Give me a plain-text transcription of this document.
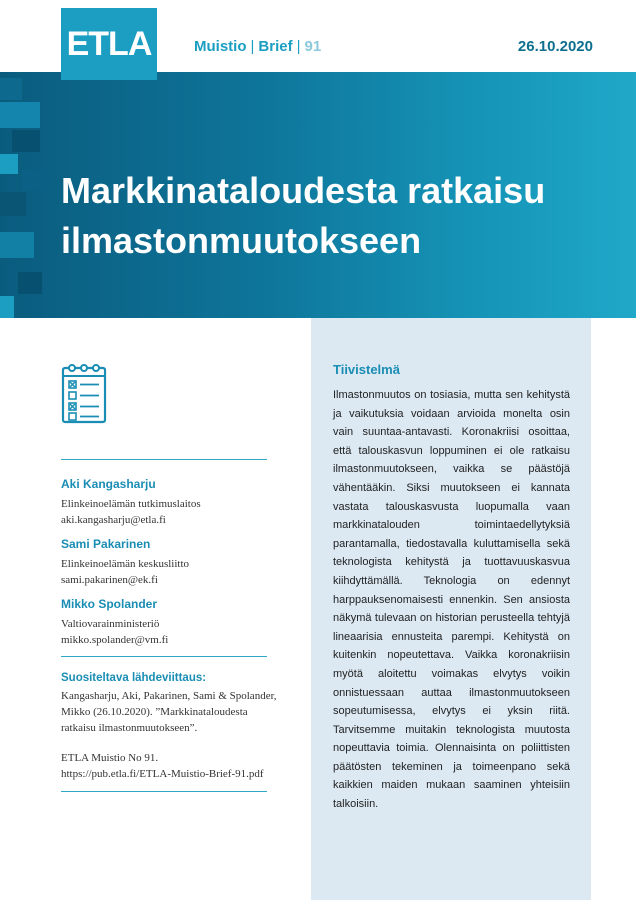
ETLA	Muistio | Brief | 91	26.10.2020
Markkinataloudesta ratkaisu
ilmastonmuutokseen
Aki Kangasharju
Elinkeinoelämän tutkimuslaitos
aki.kangasharju@etla.fi
Sami Pakarinen
Elinkeinoelämän keskusliitto
sami.pakarinen@ek.fi
Mikko Spolander
Valtiovarainministeriö
mikko.spolander@vm.fi
Suositeltava lähdeviittaus:
Kangasharju, Aki, Pakarinen, Sami & Spolander,
Mikko (26.10.2020). ”Markkinataloudesta
ratkaisu ilmastonmuutokseen”.
ETLA Muistio No 91.
https://pub.etla.fi/ETLA-Muistio-Brief-91.pdf
Tiivistelmä
Ilmastonmuutos on tosiasia, mutta sen kehitystä ja vaikutuksia voidaan arvioida monelta osin vain suuntaa-antavasti. Koronakriisi osoittaa, että talouskasvun loppuminen ei ole ratkaisu ilmastonmuutokseen, vaikka se päästöjä vähentääkin. Siksi muutokseen ei kannata vastata talouskasvusta luopumalla vaan markkinatalouden toimintaedellytyksiä parantamalla, tiedostavalla kuluttamisella sekä teknologista kehitystä ja tuottavuuskasvua kiihdyttämällä. Teknologia on edennyt harppauksenomaisesti ennenkin. Sen ansiosta näkymä tulevaan on historian perusteella tehtyjä lineaarisia ennusteita parempi. Kehitystä on kuitenkin nopeutettava. Vaikka koronakriisin myötä aloitettu voimakas elvytys voikin onnistuessaan auttaa ilmastonmuutokseen sopeutumisessa, elvytys ei yksin riitä. Tarvitsemme muitakin teknologista muutosta nopeuttavia toimia. Olennaisinta on poliittisten päätösten tekeminen ja toimeenpano sekä kaikkien maiden mukaan saaminen yhteisiin talkoisiin.
